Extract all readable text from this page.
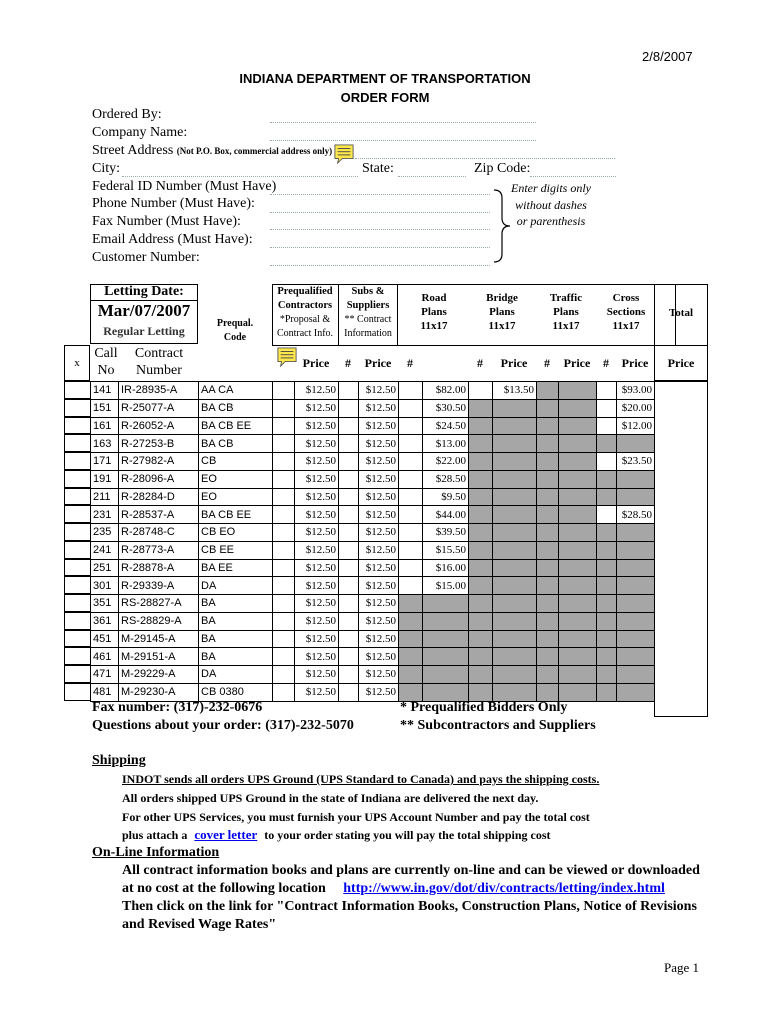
2/8/2007
INDIANA DEPARTMENT OF TRANSPORTATION
ORDER FORM
Ordered By:
Company Name:
Street Address (Not P.O. Box, commercial address only)
City:	State:	Zip Code:
Federal ID Number (Must Have)
Phone Number (Must Have):
Fax Number (Must Have):
Email Address (Must Have):
Customer Number:
Enter digits only
without dashes
or parenthesis
Letting Date:
Mar/07/2007
Regular Letting
Prequal.
Code
Prequalified
Contractors
*Proposal &
Contract Info.
Subs &
Suppliers
** Contract
Information
Road
Plans
11x17
Bridge
Plans
11x17
Traffic
Plans
11x17
Cross
Sections
11x17
Total
x
Call
No
Contract
Number	Price	#	Price	#	#	Price	#	Price	#	Price	Price
141	IR-28935-A	AA CA		$12.50		$12.50		$82.00		$13.50				$93.00
151	R-25077-A	BA CB		$12.50		$12.50		$30.50						$20.00
161	R-26052-A	BA CB EE		$12.50		$12.50		$24.50						$12.00
163	R-27253-B	BA CB		$12.50		$12.50		$13.00						
171	R-27982-A	CB		$12.50		$12.50		$22.00						$23.50
191	R-28096-A	EO		$12.50		$12.50		$28.50						
211	R-28284-D	EO		$12.50		$12.50		$9.50						
231	R-28537-A	BA CB EE		$12.50		$12.50		$44.00						$28.50
235	R-28748-C	CB EO		$12.50		$12.50		$39.50						
241	R-28773-A	CB EE		$12.50		$12.50		$15.50						
251	R-28878-A	BA EE		$12.50		$12.50		$16.00						
301	R-29339-A	DA		$12.50		$12.50		$15.00						
351	RS-28827-A	BA		$12.50		$12.50								
361	RS-28829-A	BA		$12.50		$12.50								
451	M-29145-A	BA		$12.50		$12.50								
461	M-29151-A	BA		$12.50		$12.50								
471	M-29229-A	DA		$12.50		$12.50								
481	M-29230-A	CB 0380		$12.50		$12.50								
Fax number: (317)-232-0676
Questions about your order: (317)-232-5070
* Prequalified Bidders Only
** Subcontractors and Suppliers
Shipping
INDOT sends all orders UPS Ground (UPS Standard to Canada) and pays the shipping costs.
All orders shipped UPS Ground in the state of Indiana are delivered the next day.
For other UPS Services, you must furnish your UPS Account Number and pay the total cost
plus attach a cover letter to your order stating you will pay the total shipping cost
On-Line Information
All contract information books and plans are currently on-line and can be viewed or downloaded
at no cost at the following location http://www.in.gov/dot/div/contracts/letting/index.html
Then click on the link for "Contract Information Books, Construction Plans, Notice of Revisions
and Revised Wage Rates"
Page 1
